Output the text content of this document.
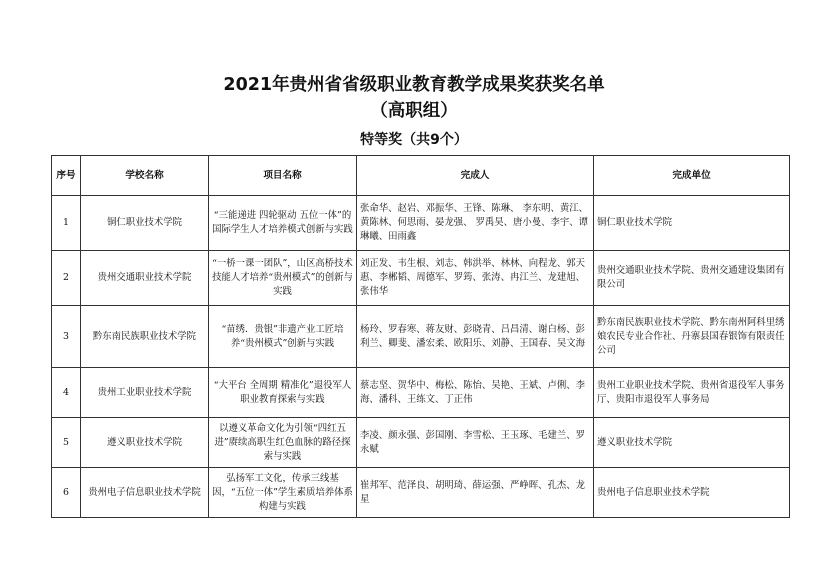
2021年贵州省省级职业教育教学成果奖获奖名单
（高职组）
特等奖（共9个）
序号	学校名称	项目名称	完成人	完成单位
1	铜仁职业技术学院	“三能递进 四轮驱动 五位一体”的国际学生人才培养模式创新与实践	张命华、赵岩、邓振华、王锋、陈琳、 李东明、黄江、黄陈林、何思雨、晏龙强、 罗禹昊、唐小曼、李宇、谭琳曦、田雨鑫	铜仁职业技术学院
2	贵州交通职业技术学院	“一桥一课一团队”，山区高桥技术技能人才培养“贵州模式”的创新与实践	刘正发、韦生根、刘志、韩洪举、林林、向程龙、郭天惠、李郴韬、周德军、罗筠、张涛、冉江兰、龙建旭、张伟华	贵州交通职业技术学院、贵州交通建设集团有限公司
3	黔东南民族职业技术学院	“苗绣．贵银”非遗产业工匠培养“贵州模式”创新与实践	杨玲、罗春寒、蒋友财、彭晓青、吕昌清、谢白杨、彭利兰、卿斐、潘宏柔、欧阳乐、刘静、王国春、吴文海	黔东南民族职业技术学院、黔东南州阿科里绣娘农民专业合作社、丹寨县国春银饰有限责任公司
4	贵州工业职业技术学院	“大平台 全周期 精准化”退役军人职业教育探索与实践	蔡志坚、贺华中、梅松、陈怡、吴艳、王斌、卢俐、李海、潘科、王练文、丁正伟	贵州工业职业技术学院、贵州省退役军人事务厅、贵阳市退役军人事务局
5	遵义职业技术学院	以遵义革命文化为引领“四红五进”赓续高职生红色血脉的路径探索与实践	李凌、颜永强、彭国刚、李雪松、王玉琢、毛建兰、罗永赋	遵义职业技术学院
6	贵州电子信息职业技术学院	弘扬军工文化，传承三线基因，“五位一体”学生素质培养体系构建与实践	崔邦军、范泽良、胡明琦、薛运强、严峥晖、孔杰、龙星	贵州电子信息职业技术学院
